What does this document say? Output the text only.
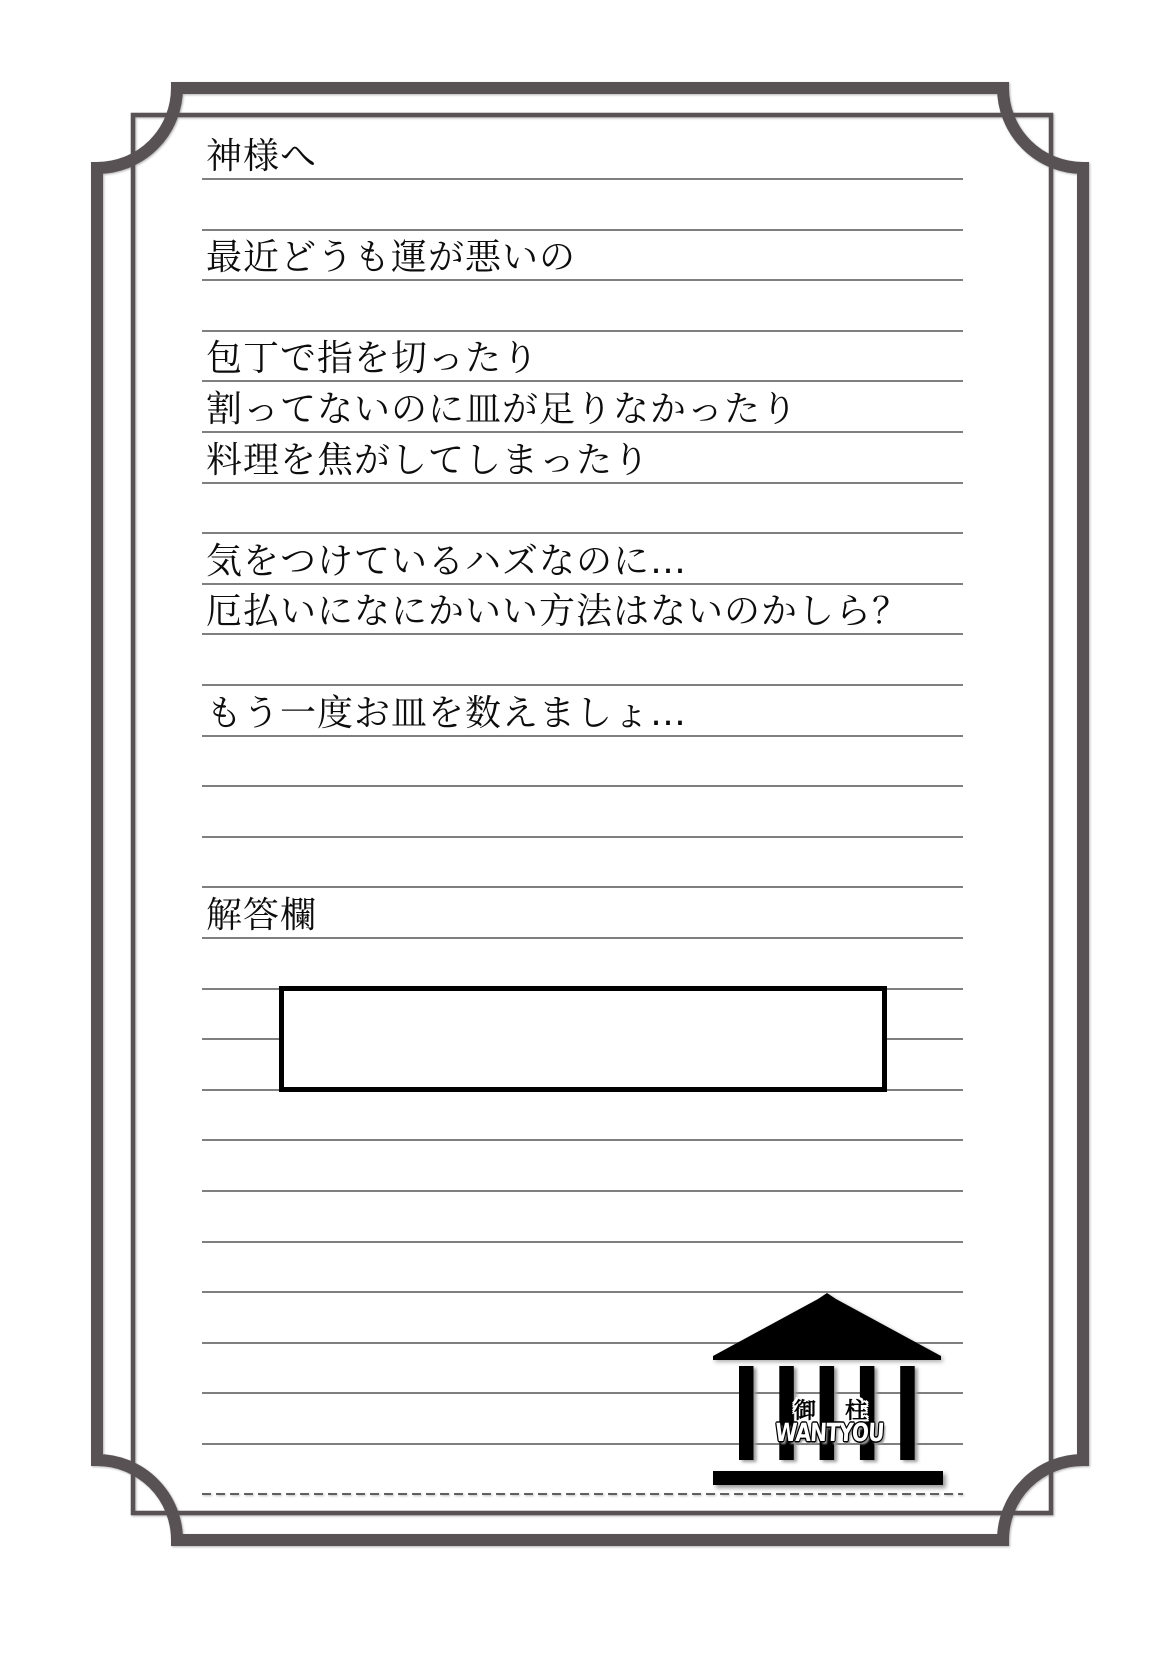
神様へ
最近どうも運が悪いの
包丁で指を切ったり
割ってないのに皿が足りなかったり
料理を焦がしてしまったり
気をつけているハズなのに…
厄払いになにかいい方法はないのかしら？
もう一度お皿を数えましょ…
解答欄
御柱
WANTYOU
